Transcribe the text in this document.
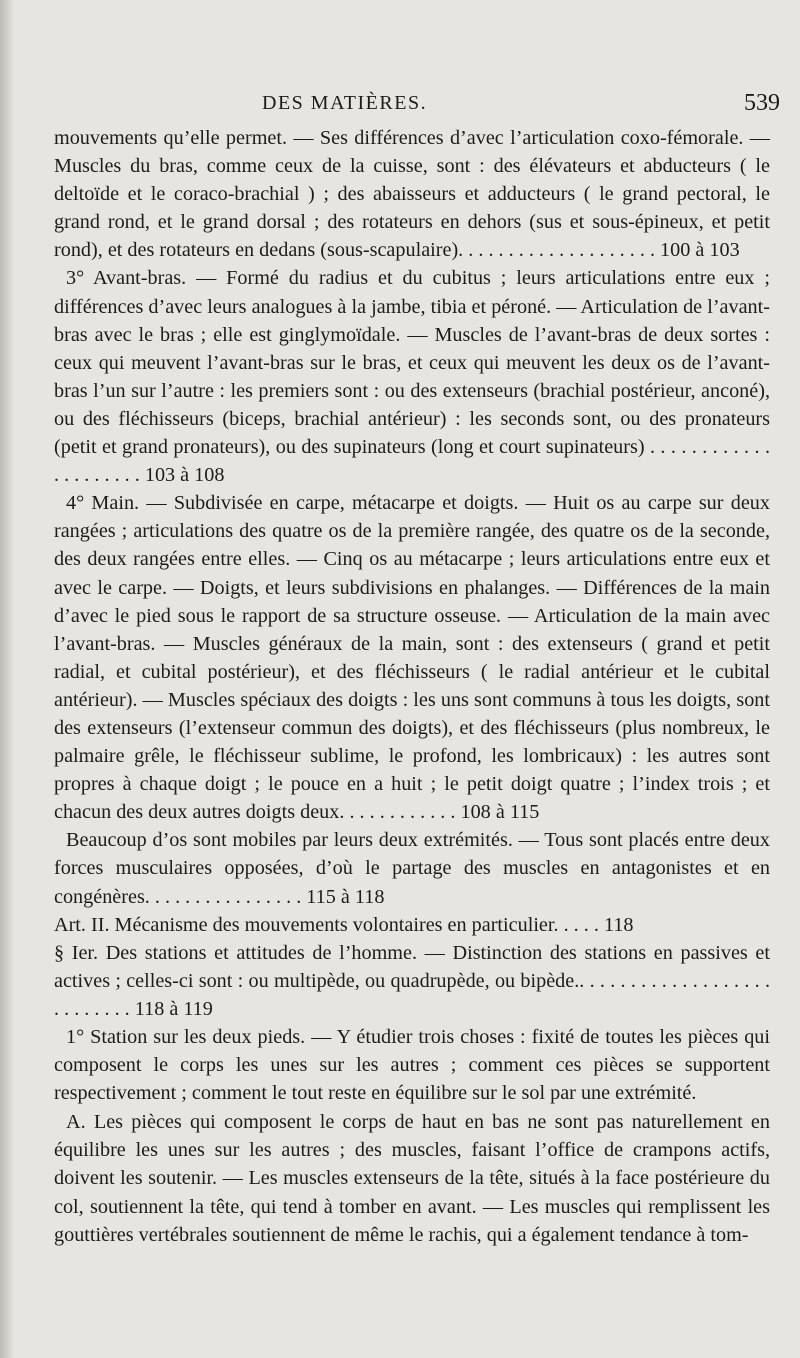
DES MATIÈRES.	539

mouvements qu’elle permet. — Ses différences d’avec l’articulation coxo-fémorale. — Muscles du bras, comme ceux de la cuisse, sont : des élévateurs et abducteurs ( le deltoïde et le coraco-brachial ) ; des abaisseurs et adducteurs ( le grand pectoral, le grand rond, et le grand dorsal ; des rotateurs en dehors (sus et sous-épineux, et petit rond), et des rotateurs en dedans (sous-scapulaire). . . . . . . . . . . . . . . . . . . . 100 à 103

3° Avant-bras. — Formé du radius et du cubitus ; leurs articulations entre eux ; différences d’avec leurs analogues à la jambe, tibia et péroné. — Articulation de l’avant-bras avec le bras ; elle est ginglymoïdale. — Muscles de l’avant-bras de deux sortes : ceux qui meuvent l’avant-bras sur le bras, et ceux qui meuvent les deux os de l’avant-bras l’un sur l’autre : les premiers sont : ou des extenseurs (brachial postérieur, anconé), ou des fléchisseurs (biceps, brachial antérieur) : les seconds sont, ou des pronateurs (petit et grand pronateurs), ou des supinateurs (long et court supinateurs) . . . . . . . . . . . . . . . . . . . . . 103 à 108

4° Main. — Subdivisée en carpe, métacarpe et doigts. — Huit os au carpe sur deux rangées ; articulations des quatre os de la première rangée, des quatre os de la seconde, des deux rangées entre elles. — Cinq os au métacarpe ; leurs articulations entre eux et avec le carpe. — Doigts, et leurs subdivisions en phalanges. — Différences de la main d’avec le pied sous le rapport de sa structure osseuse. — Articulation de la main avec l’avant-bras. — Muscles généraux de la main, sont : des extenseurs ( grand et petit radial, et cubital postérieur), et des fléchisseurs ( le radial antérieur et le cubital antérieur). — Muscles spéciaux des doigts : les uns sont communs à tous les doigts, sont des extenseurs (l’extenseur commun des doigts), et des fléchisseurs (plus nombreux, le palmaire grêle, le fléchisseur sublime, le profond, les lombricaux) : les autres sont propres à chaque doigt ; le pouce en a huit ; le petit doigt quatre ; l’index trois ; et chacun des deux autres doigts deux. . . . . . . . . . . . 108 à 115

Beaucoup d’os sont mobiles par leurs deux extrémités. — Tous sont placés entre deux forces musculaires opposées, d’où le partage des muscles en antagonistes et en congénères. . . . . . . . . . . . . . . . 115 à 118

Art. II. Mécanisme des mouvements volontaires en particulier. . . . . 118

§ Ier. Des stations et attitudes de l’homme. — Distinction des stations en passives et actives ; celles-ci sont : ou multipède, ou quadrupède, ou bipède.. . . . . . . . . . . . . . . . . . . . . . . . . . . 118 à 119

1° Station sur les deux pieds. — Y étudier trois choses : fixité de toutes les pièces qui composent le corps les unes sur les autres ; comment ces pièces se supportent respectivement ; comment le tout reste en équilibre sur le sol par une extrémité.

A. Les pièces qui composent le corps de haut en bas ne sont pas naturellement en équilibre les unes sur les autres ; des muscles, faisant l’office de crampons actifs, doivent les soutenir. — Les muscles extenseurs de la tête, situés à la face postérieure du col, soutiennent la tête, qui tend à tomber en avant. — Les muscles qui remplissent les gouttières vertébrales soutiennent de même le rachis, qui a également tendance à tom-
